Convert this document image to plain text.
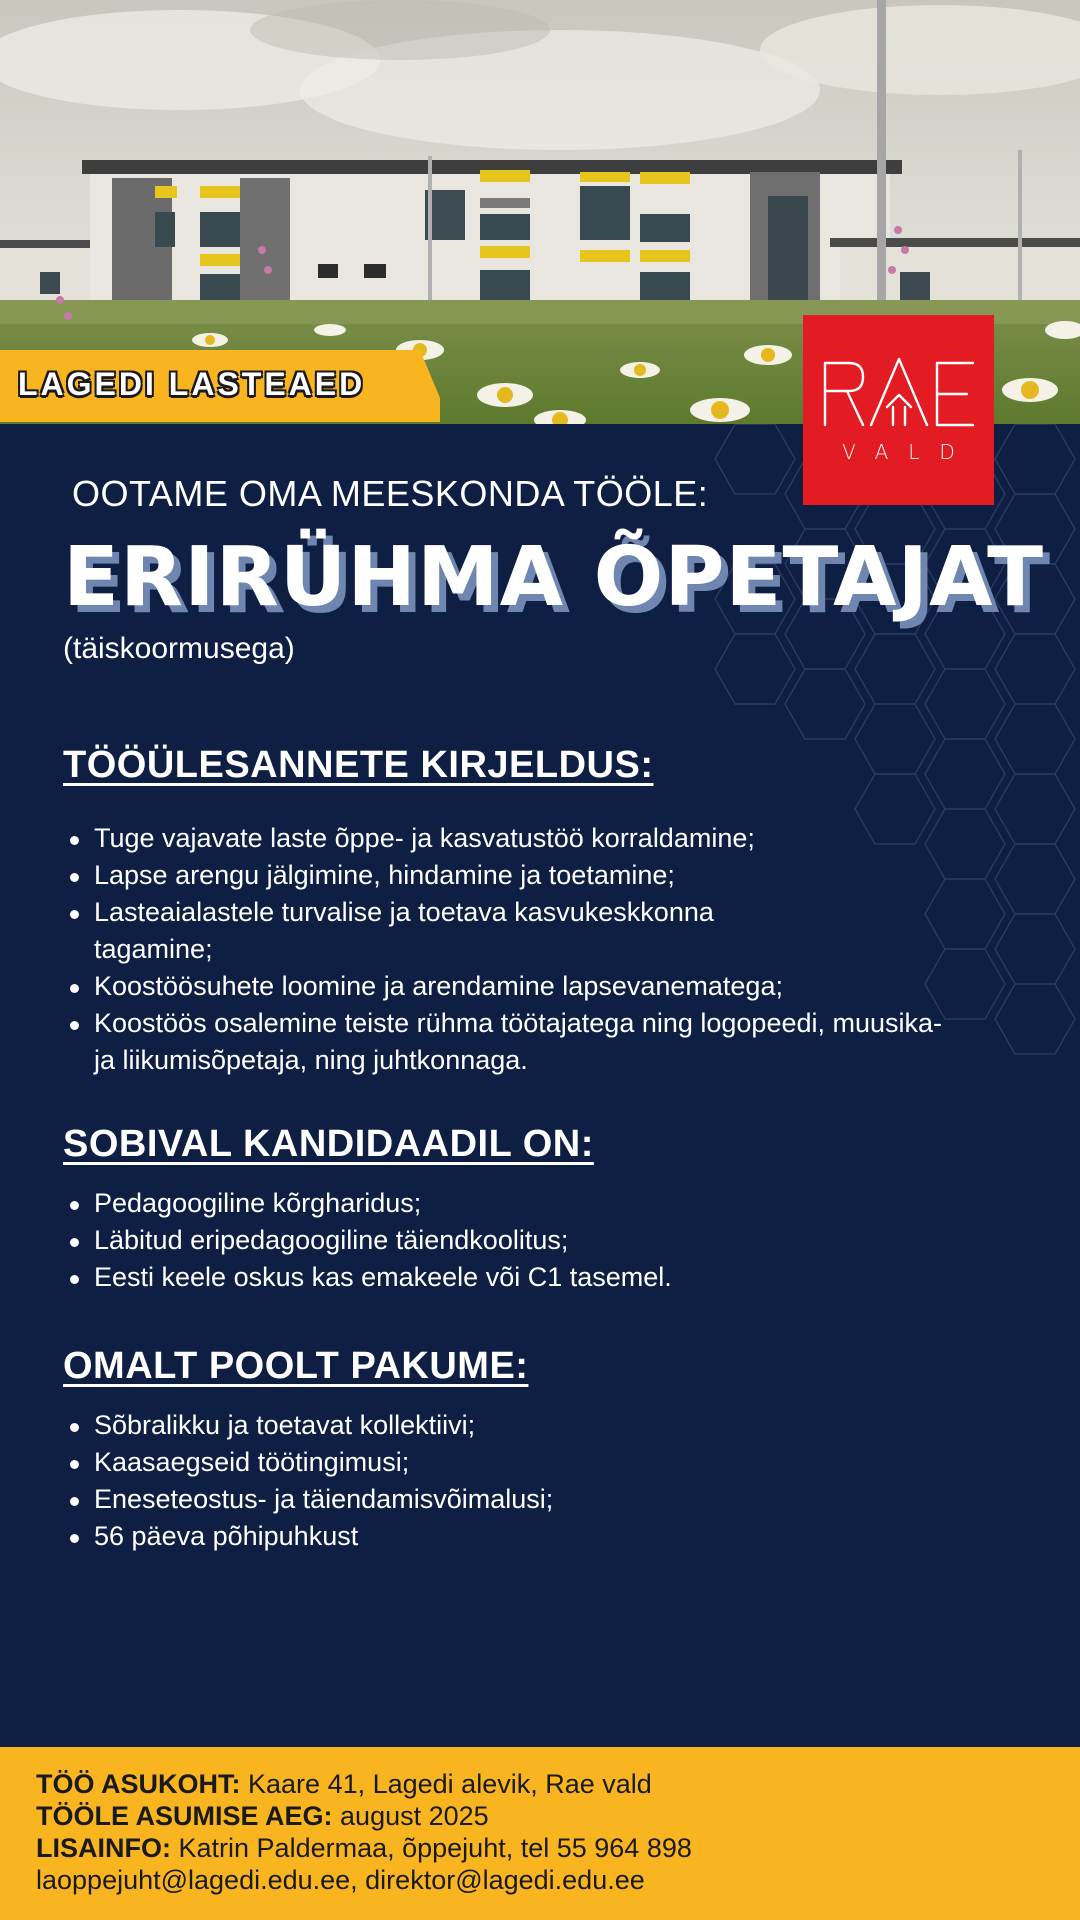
LAGEDI LASTEAED
VALD
OOTAME OMA MEESKONDA TÖÖLE:
ERIRÜHMA ÕPETAJAT
(täiskoormusega)
TÖÖÜLESANNETE KIRJELDUS:
Tuge vajavate laste õppe- ja kasvatustöö korraldamine;
Lapse arengu jälgimine, hindamine ja toetamine;
Lasteaialastele turvalise ja toetava kasvukeskkonna tagamine;
Koostöösuhete loomine ja arendamine lapsevanematega;
Koostöös osalemine teiste rühma töötajatega ning logopeedi, muusika- ja liikumisõpetaja, ning juhtkonnaga.
SOBIVAL KANDIDAADIL ON:
Pedagoogiline kõrgharidus;
Läbitud eripedagoogiline täiendkoolitus;
Eesti keele oskus kas emakeele või C1 tasemel.
OMALT POOLT PAKUME:
Sõbralikku ja toetavat kollektiivi;
Kaasaegseid töötingimusi;
Eneseteostus- ja täiendamisvõimalusi;
56 päeva põhipuhkust
TÖÖ ASUKOHT: Kaare 41, Lagedi alevik, Rae vald
TÖÖLE ASUMISE AEG: august 2025
LISAINFO: Katrin Paldermaa, õppejuht, tel 55 964 898
laoppejuht@lagedi.edu.ee, direktor@lagedi.edu.ee
